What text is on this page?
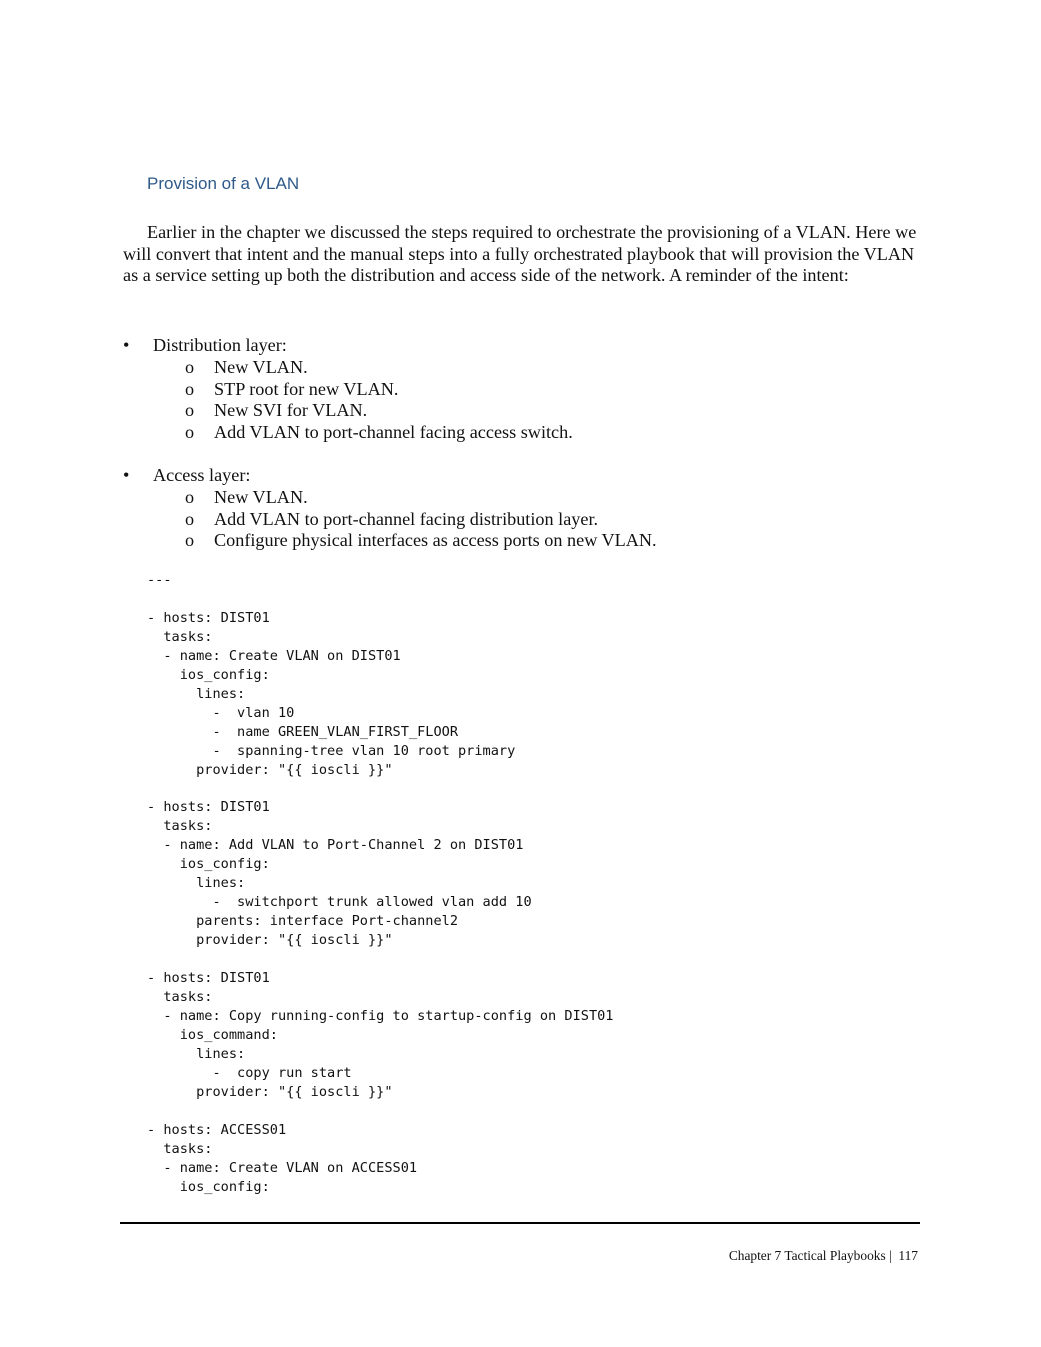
Provision of a VLAN

Earlier in the chapter we discussed the steps required to orchestrate the provisioning of a VLAN. Here we will convert that intent and the manual steps into a fully orchestrated playbook that will provision the VLAN as a service setting up both the distribution and access side of the network. A reminder of the intent:

• Distribution layer:
o New VLAN.
o STP root for new VLAN.
o New SVI for VLAN.
o Add VLAN to port-channel facing access switch.
• Access layer:
o New VLAN.
o Add VLAN to port-channel facing distribution layer.
o Configure physical interfaces as access ports on new VLAN.
---

- hosts: DIST01
tasks:
- name: Create VLAN on DIST01
ios_config:
lines:
-  vlan 10
-  name GREEN_VLAN_FIRST_FLOOR
-  spanning-tree vlan 10 root primary
provider: "{{ ioscli }}"

- hosts: DIST01
tasks:
- name: Add VLAN to Port-Channel 2 on DIST01
ios_config:
lines:
-  switchport trunk allowed vlan add 10
parents: interface Port-channel2
provider: "{{ ioscli }}"

- hosts: DIST01
tasks:
- name: Copy running-config to startup-config on DIST01
ios_command:
lines:
-  copy run start
provider: "{{ ioscli }}"

- hosts: ACCESS01
tasks:
- name: Create VLAN on ACCESS01
ios_config:

Chapter 7 Tactical Playbooks |  117
